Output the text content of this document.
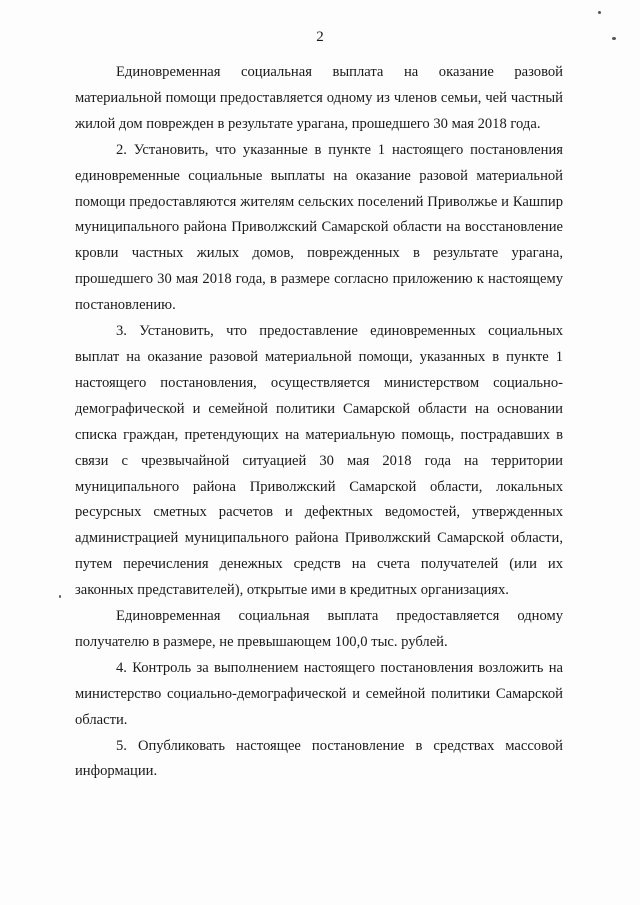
2

Единовременная социальная выплата на оказание разовой материальной помощи предоставляется одному из членов семьи, чей частный жилой дом поврежден в результате урагана, прошедшего 30 мая 2018 года.

2. Установить, что указанные в пункте 1 настоящего постановления единовременные социальные выплаты на оказание разовой материальной помощи предоставляются жителям сельских поселений Приволжье и Кашпир муниципального района Приволжский Самарской области на восстановление кровли частных жилых домов, поврежденных в результате урагана, прошедшего 30 мая 2018 года, в размере согласно приложению к настоящему постановлению.

3. Установить, что предоставление единовременных социальных выплат на оказание разовой материальной помощи, указанных в пункте 1 настоящего постановления, осуществляется министерством социально-демографической и семейной политики Самарской области на основании списка граждан, претендующих на материальную помощь, пострадавших в связи с чрезвычайной ситуацией 30 мая 2018 года на территории муниципального района Приволжский Самарской области, локальных ресурсных сметных расчетов и дефектных ведомостей, утвержденных администрацией муниципального района Приволжский Самарской области, путем перечисления денежных средств на счета получателей (или их законных представителей), открытые ими в кредитных организациях.

Единовременная социальная выплата предоставляется одному получателю в размере, не превышающем 100,0 тыс. рублей.

4. Контроль за выполнением настоящего постановления возложить на министерство социально-демографической и семейной политики Самарской области.

5. Опубликовать настоящее постановление в средствах массовой информации.
